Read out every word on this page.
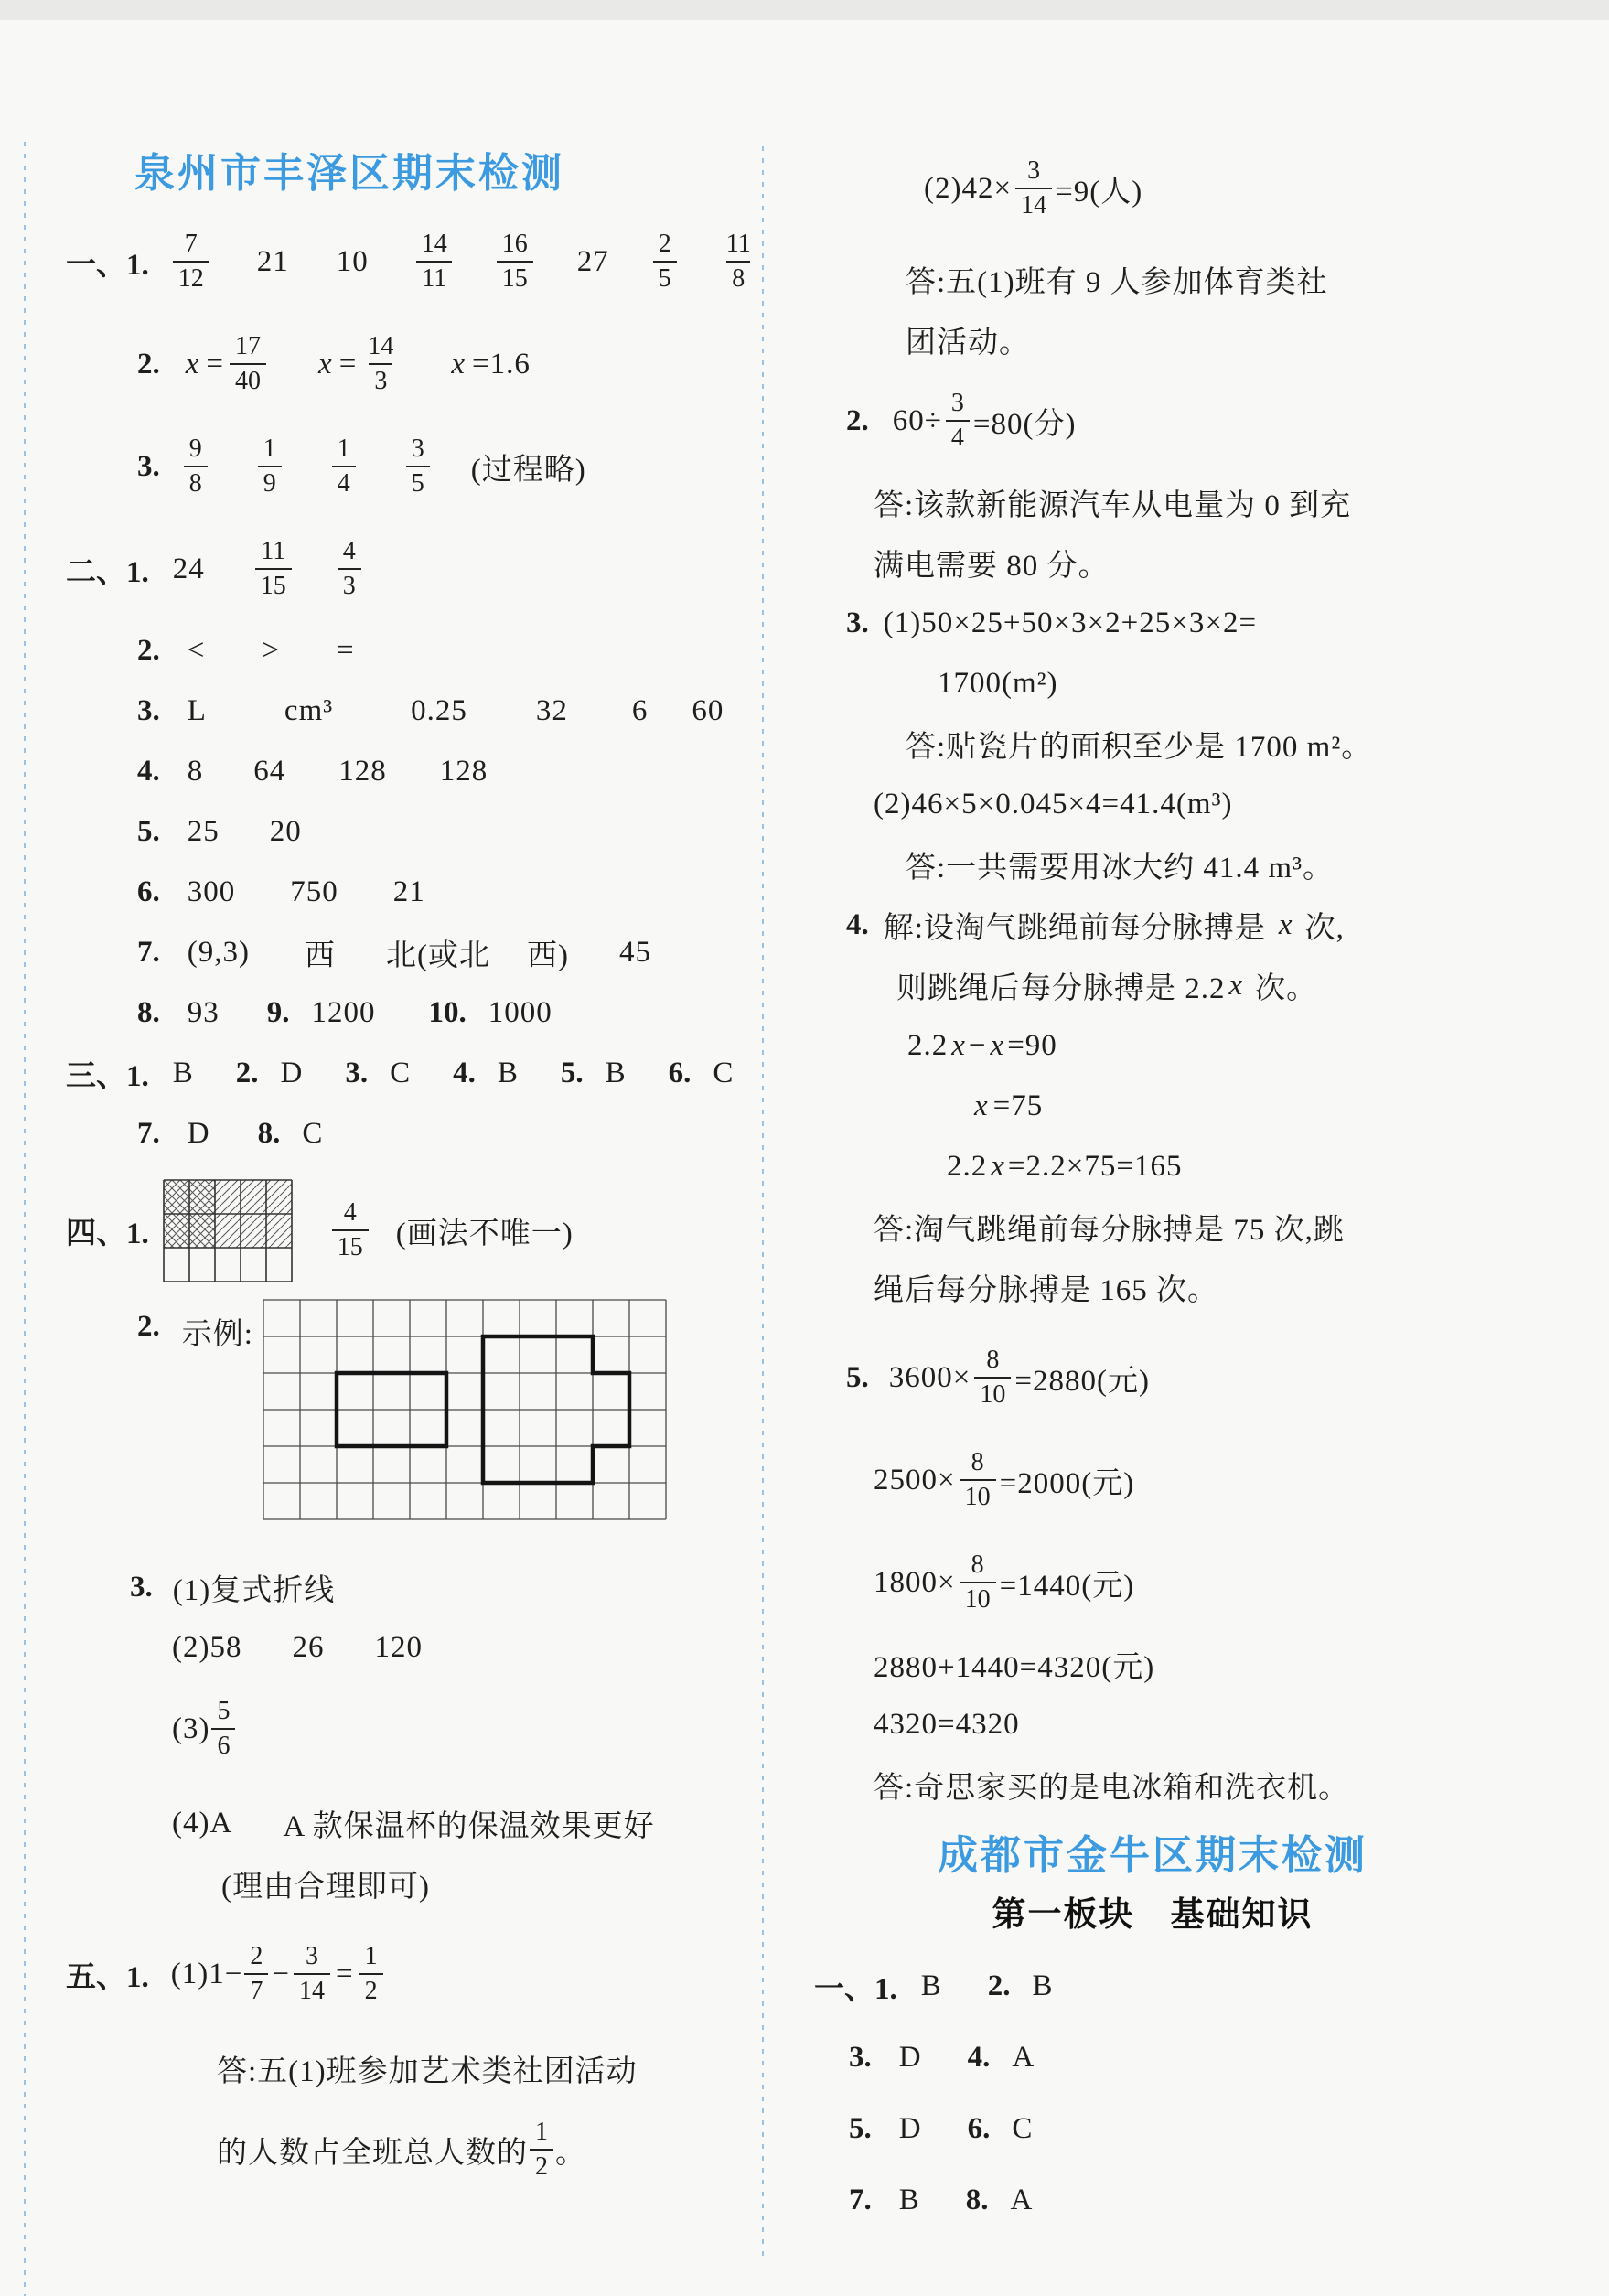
泉州市丰泽区期末检测
一、1. $\frac{7}{12} 21$ $10 \frac{14}{11} \frac{16}{15} 27 \frac{2}{5} \frac{11}{8}$
2. $x = \frac{17}{40}$ $x = \frac{14}{3}$ x =1.6
3. $\frac{9}{8} \frac{1}{9} \frac{1}{4} \frac{3}{5}$ (过程略)
二、1. $24 \frac{11}{15} \frac{4}{3}$
2. < > =
3. L	cm³	0.25 32 6 60
4. 8 64 128 128
5. 25 20
6. 300 750 21
7. (9,3) 西 北(或北 西) 45
8. 93 9. 1200 10. 1000
三、1. B 2. D 3. C 4. B 5. B 6. C
7. D 8. C
四、1.	$\frac{4}{15}$ (画法不唯一)
2. 示例:
3. (1)复式折线
(2)58 26 120
$(3) \frac{5}{6}$
(4)A A 款保温杯的保温效果更好
(理由合理即可)
五、1. $(1)1- \frac{2}{7} - \frac{3}{14} = \frac{1}{2}$
答:五(1)班参加艺术类社团活动
的人数占全班总人数的 $\frac{1}{2}$ 。
$(2)42\times \frac{3}{14} =9$(人)
答:五(1)班有 9 人参加体育类社
团活动。
2. $60\div \frac{3}{4} =80$(分)
答:该款新能源汽车从电量为 0 到充
满电需要 80 分。
3. (1)50×25+50×3×2+25×3×2=
1700(m²)
答:贴瓷片的面积至少是 1700 m²。
(2)46×5×0.045×4=41.4(m³)
答:一共需要用冰大约 41.4 m³。
4. 解:设淘气跳绳前每分脉搏是 x 次,
则跳绳后每分脉搏是 2.2 x 次。
2.2 x − x =90
x =75
2.2 x =2.2×75=165
答:淘气跳绳前每分脉搏是 75 次,跳
绳后每分脉搏是 165 次。
5. $3600\times \frac{8}{10} =2880$(元)
$2500\times \frac{8}{10} =2000$(元)
$1800\times \frac{8}{10} =1440$(元)
2880+1440=4320(元)
4320=4320
答:奇思家买的是电冰箱和洗衣机。
成都市金牛区期末检测
第一板块　基础知识
一、1. B 2. B
3. D 4. A
5. D 6. C
7. B 8. A
